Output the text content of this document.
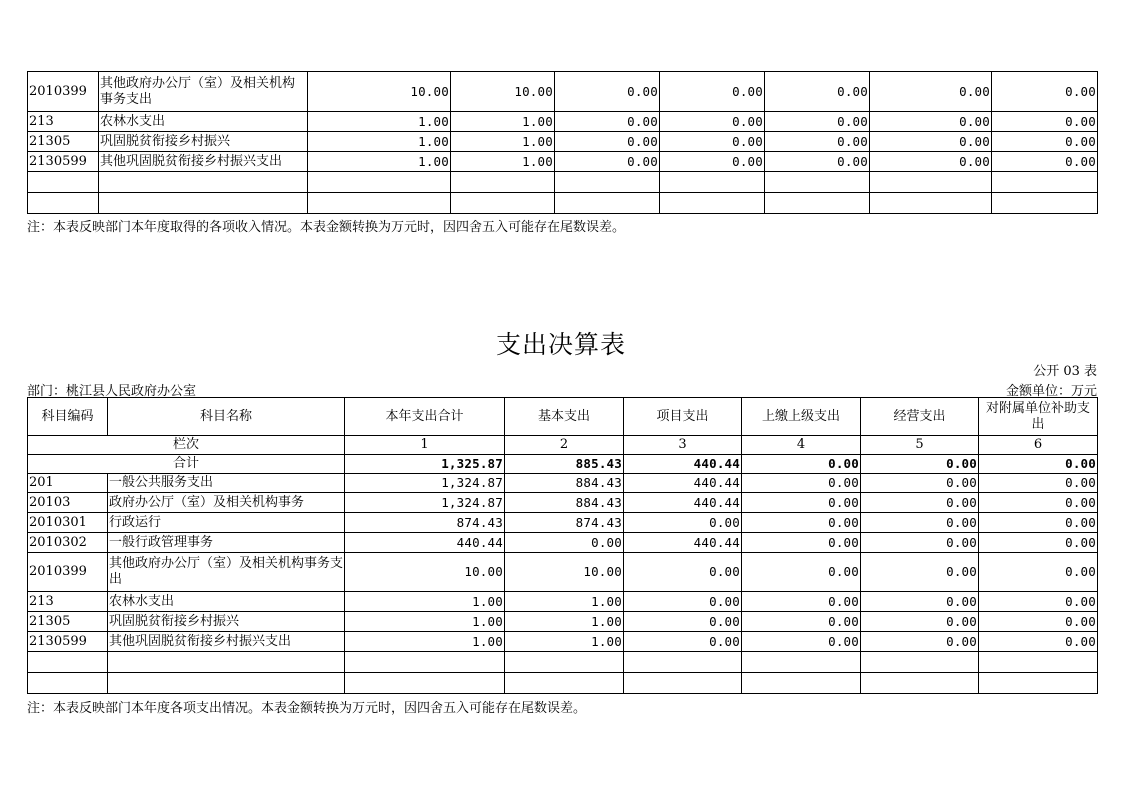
2010399	其他政府办公厅（室）及相关机构事务支出	10.00	10.00	0.00	0.00	0.00	0.00	0.00
213	农林水支出	1.00	1.00	0.00	0.00	0.00	0.00	0.00
21305	巩固脱贫衔接乡村振兴	1.00	1.00	0.00	0.00	0.00	0.00	0.00
2130599	其他巩固脱贫衔接乡村振兴支出	1.00	1.00	0.00	0.00	0.00	0.00	0.00

注：本表反映部门本年度取得的各项收入情况。本表金额转换为万元时，因四舍五入可能存在尾数误差。
支出决算表
公开 03 表
部门：桃江县人民政府办公室	金额单位：万元
科目编码	科目名称	本年支出合计	基本支出	项目支出	上缴上级支出	经营支出	对附属单位补助支出
栏次		1	2	3	4	5	6
合计		1,325.87	885.43	440.44	0.00	0.00	0.00
201	一般公共服务支出	1,324.87	884.43	440.44	0.00	0.00	0.00
20103	政府办公厅（室）及相关机构事务	1,324.87	884.43	440.44	0.00	0.00	0.00
2010301	行政运行	874.43	874.43	0.00	0.00	0.00	0.00
2010302	一般行政管理事务	440.44	0.00	440.44	0.00	0.00	0.00
2010399	其他政府办公厅（室）及相关机构事务支出	10.00	10.00	0.00	0.00	0.00	0.00
213	农林水支出	1.00	1.00	0.00	0.00	0.00	0.00
21305	巩固脱贫衔接乡村振兴	1.00	1.00	0.00	0.00	0.00	0.00
2130599	其他巩固脱贫衔接乡村振兴支出	1.00	1.00	0.00	0.00	0.00	0.00

注：本表反映部门本年度各项支出情况。本表金额转换为万元时，因四舍五入可能存在尾数误差。
